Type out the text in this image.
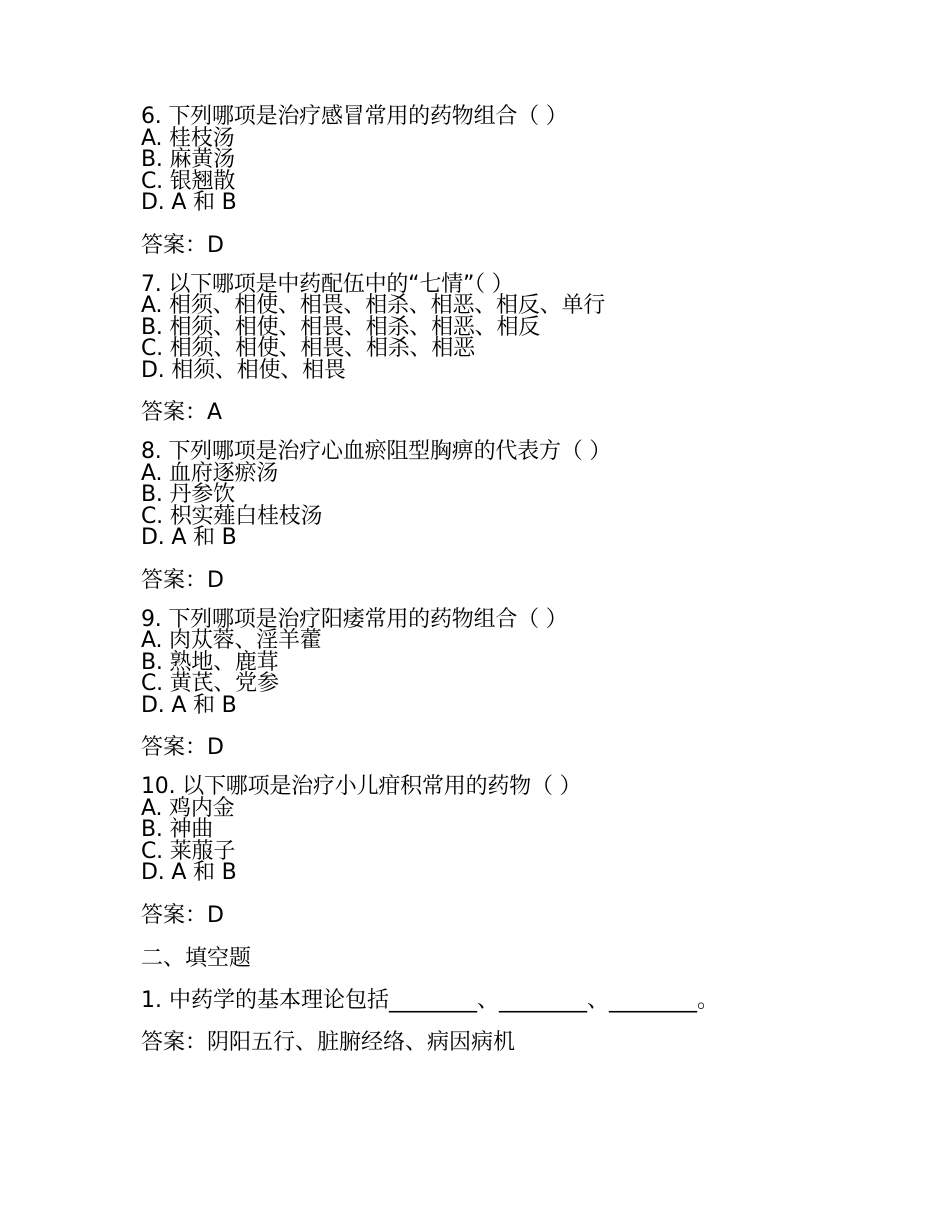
6. 下列哪项是治疗感冒常用的药物组合（ ）
A. 桂枝汤
B. 麻黄汤
C. 银翘散
D. A 和 B
答案：D
7. 以下哪项是中药配伍中的“七情”（ ）
A. 相须、相使、相畏、相杀、相恶、相反、单行
B. 相须、相使、相畏、相杀、相恶、相反
C. 相须、相使、相畏、相杀、相恶
D. 相须、相使、相畏
答案：A
8. 下列哪项是治疗心血瘀阻型胸痹的代表方（ ）
A. 血府逐瘀汤
B. 丹参饮
C. 枳实薤白桂枝汤
D. A 和 B
答案：D
9. 下列哪项是治疗阳痿常用的药物组合（ ）
A. 肉苁蓉、淫羊藿
B. 熟地、鹿茸
C. 黄芪、党参
D. A 和 B
答案：D
10. 以下哪项是治疗小儿疳积常用的药物（ ）
A. 鸡内金
B. 神曲
C. 莱菔子
D. A 和 B
答案：D
二、填空题
1. 中药学的基本理论包括________、________、________。
答案：阴阳五行、脏腑经络、病因病机
